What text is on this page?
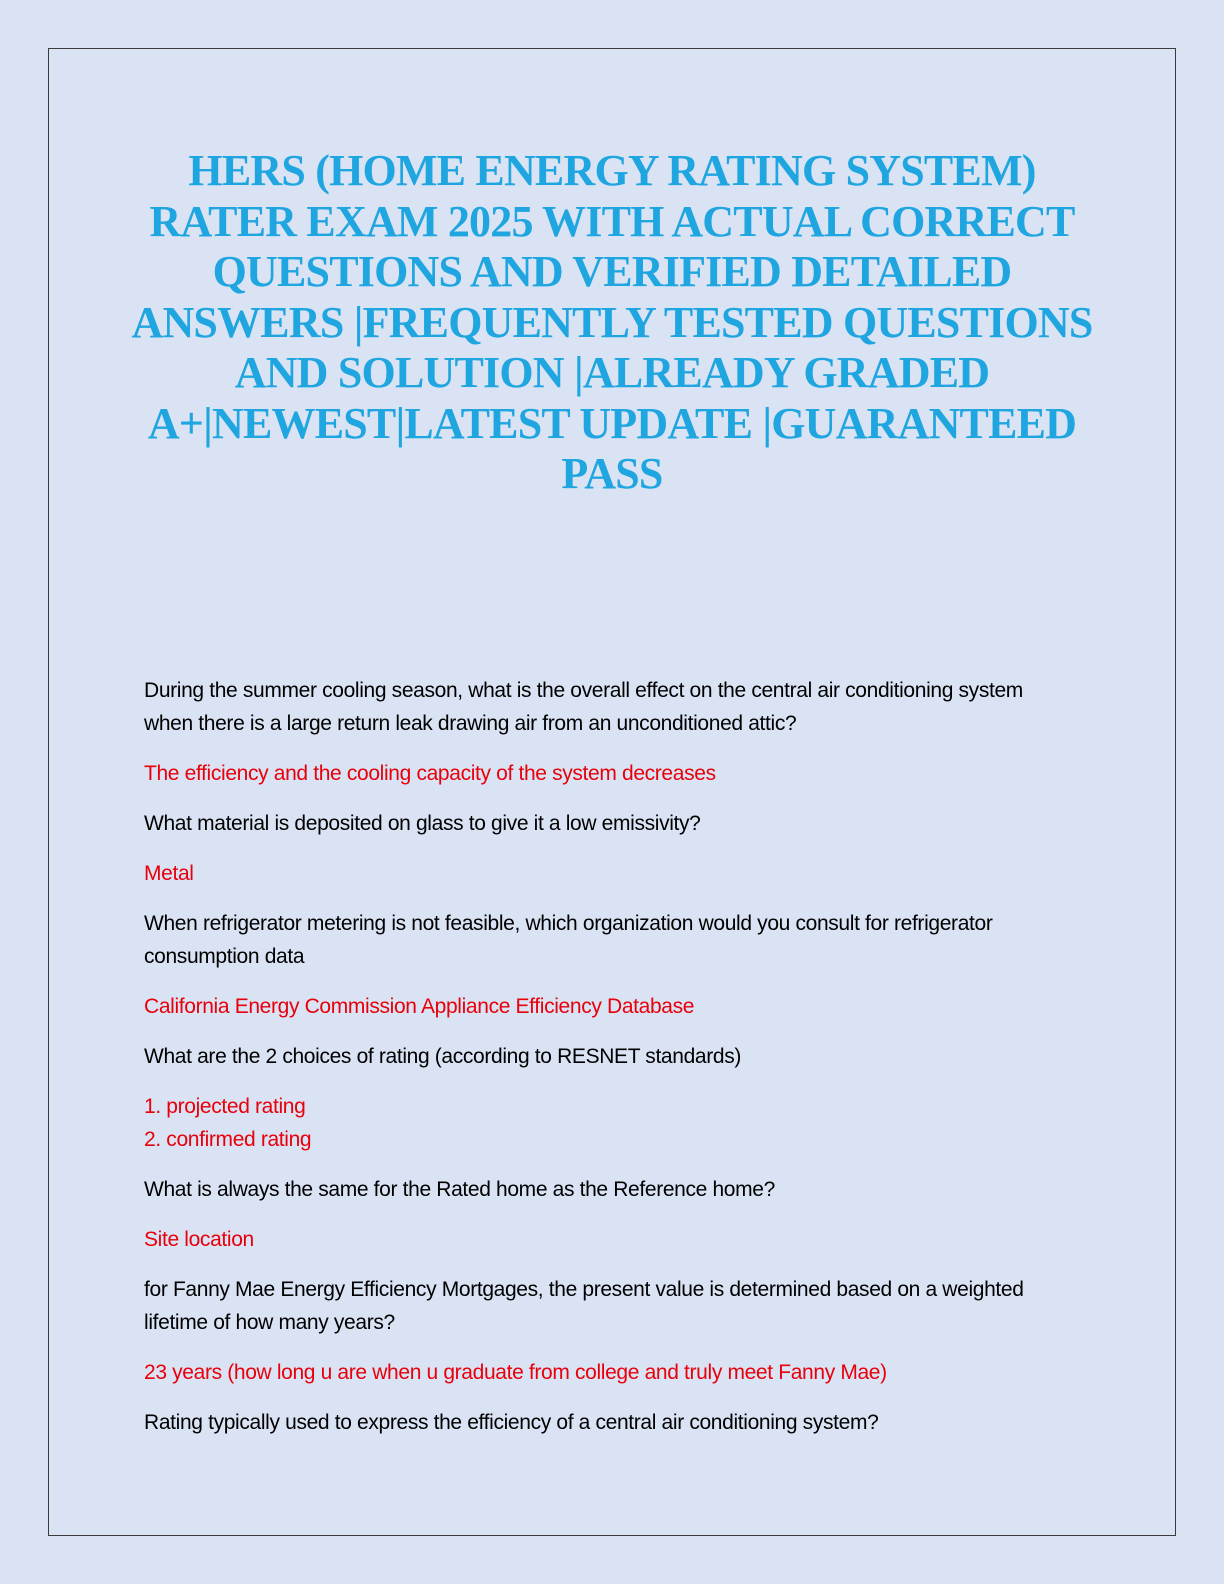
HERS (HOME ENERGY RATING SYSTEM) RATER EXAM 2025 WITH ACTUAL CORRECT QUESTIONS AND VERIFIED DETAILED ANSWERS |FREQUENTLY TESTED QUESTIONS AND SOLUTION |ALREADY GRADED A+|NEWEST|LATEST UPDATE |GUARANTEED PASS

During the summer cooling season, what is the overall effect on the central air conditioning system when there is a large return leak drawing air from an unconditioned attic?

The efficiency and the cooling capacity of the system decreases

What material is deposited on glass to give it a low emissivity?

Metal

When refrigerator metering is not feasible, which organization would you consult for refrigerator consumption data

California Energy Commission Appliance Efficiency Database

What are the 2 choices of rating (according to RESNET standards)

1. projected rating
2. confirmed rating

What is always the same for the Rated home as the Reference home?

Site location

for Fanny Mae Energy Efficiency Mortgages, the present value is determined based on a weighted lifetime of how many years?

23 years (how long u are when u graduate from college and truly meet Fanny Mae)

Rating typically used to express the efficiency of a central air conditioning system?
